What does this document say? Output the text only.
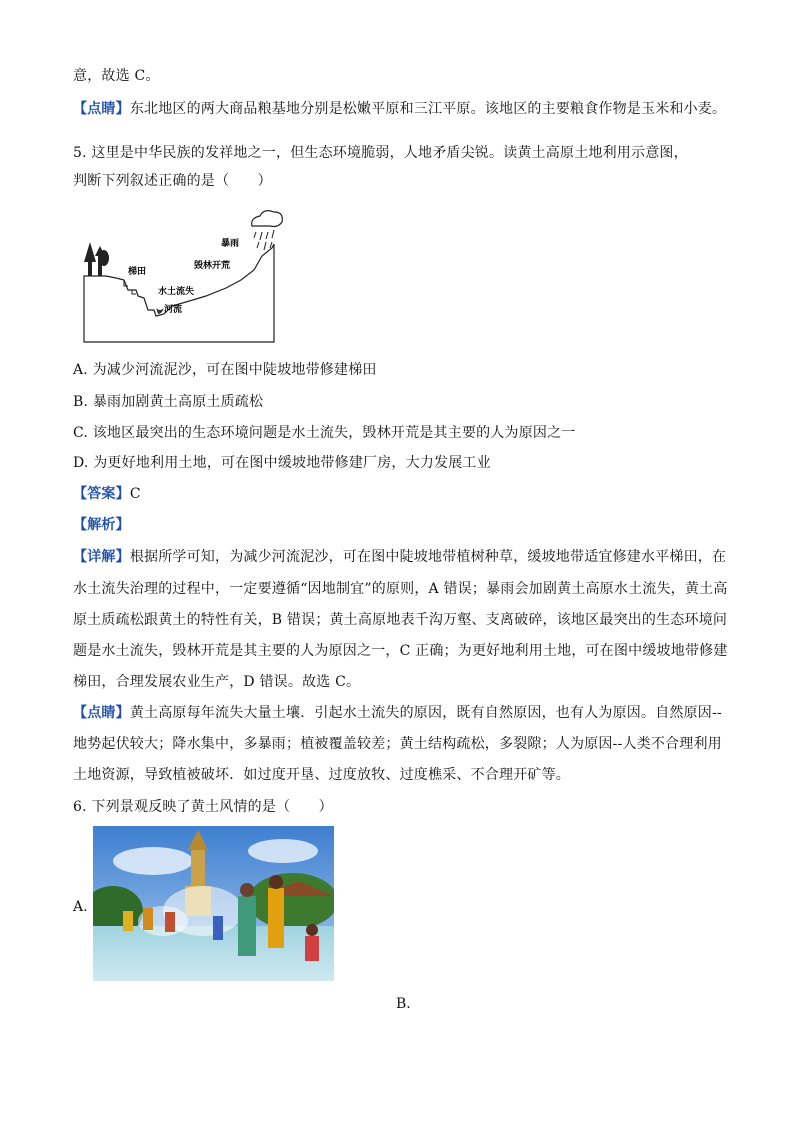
意，故选 C。
【点睛】东北地区的两大商品粮基地分别是松嫩平原和三江平原。该地区的主要粮食作物是玉米和小麦。
5. 这里是中华民族的发祥地之一，但生态环境脆弱，人地矛盾尖锐。读黄土高原土地利用示意图，
判断下列叙述正确的是（　　）
暴雨
毁林开荒
梯田
水土流失
河流
A. 为减少河流泥沙，可在图中陡坡地带修建梯田
B. 暴雨加剧黄土高原土质疏松
C. 该地区最突出的生态环境问题是水土流失，毁林开荒是其主要的人为原因之一
D. 为更好地利用土地，可在图中缓坡地带修建厂房，大力发展工业
【答案】C
【解析】
【详解】根据所学可知，为减少河流泥沙，可在图中陡坡地带植树种草，缓坡地带适宜修建水平梯田，在
水土流失治理的过程中，一定要遵循“因地制宜”的原则，A 错误；暴雨会加剧黄土高原水土流失，黄土高
原土质疏松跟黄土的特性有关，B 错误；黄土高原地表千沟万壑、支离破碎，该地区最突出的生态环境问
题是水土流失，毁林开荒是其主要的人为原因之一，C 正确；为更好地利用土地，可在图中缓坡地带修建
梯田，合理发展农业生产，D 错误。故选 C。
【点睛】黄土高原每年流失大量土壤．引起水土流失的原因，既有自然原因，也有人为原因。自然原因--
地势起伏较大；降水集中，多暴雨；植被覆盖较差；黄土结构疏松，多裂隙；人为原因--人类不合理利用
土地资源，导致植被破坏．如过度开垦、过度放牧、过度樵采、不合理开矿等。
6. 下列景观反映了黄土风情的是（　　）
A.
B.
